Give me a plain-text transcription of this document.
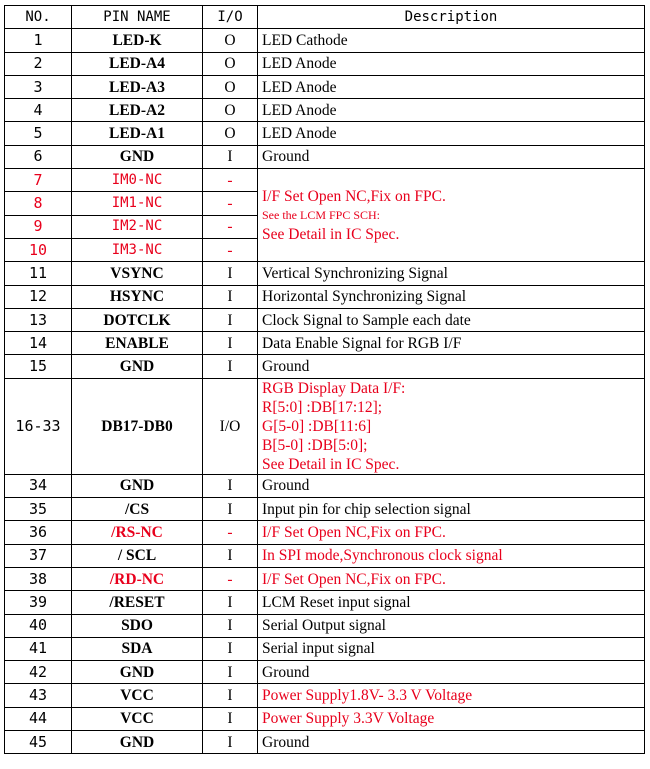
NO.	PIN NAME	I/O	Description
1	LED-K	O	LED Cathode
2	LED-A4	O	LED Anode
3	LED-A3	O	LED Anode
4	LED-A2	O	LED Anode
5	LED-A1	O	LED Anode
6	GND	I	Ground
7	IM0-NC	-	I/F Set Open NC,Fix on FPC.
See the LCM FPC SCH:
See Detail in IC Spec.

8	IM1-NC	-	
9	IM2-NC	-	
10	IM3-NC	-	
11	VSYNC	I	Vertical Synchronizing Signal
12	HSYNC	I	Horizontal Synchronizing Signal
13	DOTCLK	I	Clock Signal to Sample each date
14	ENABLE	I	Data Enable Signal for RGB I/F
15	GND	I	Ground
16-33	DB17-DB0	I/O	RGB Display Data I/F:
R[5:0] :DB[17:12];
G[5-0] :DB[11:6]
B[5-0] :DB[5:0];
See Detail in IC Spec.

34	GND	I	Ground
35	/CS	I	Input pin for chip selection signal
36	/RS-NC	-	I/F Set Open NC,Fix on FPC.
37	/ SCL	I	In SPI mode,Synchronous clock signal
38	/RD-NC	-	I/F Set Open NC,Fix on FPC.
39	/RESET	I	LCM Reset input signal
40	SDO	I	Serial Output signal
41	SDA	I	Serial input signal
42	GND	I	Ground
43	VCC	I	Power Supply1.8V- 3.3 V Voltage
44	VCC	I	Power Supply 3.3V Voltage
45	GND	I	Ground
